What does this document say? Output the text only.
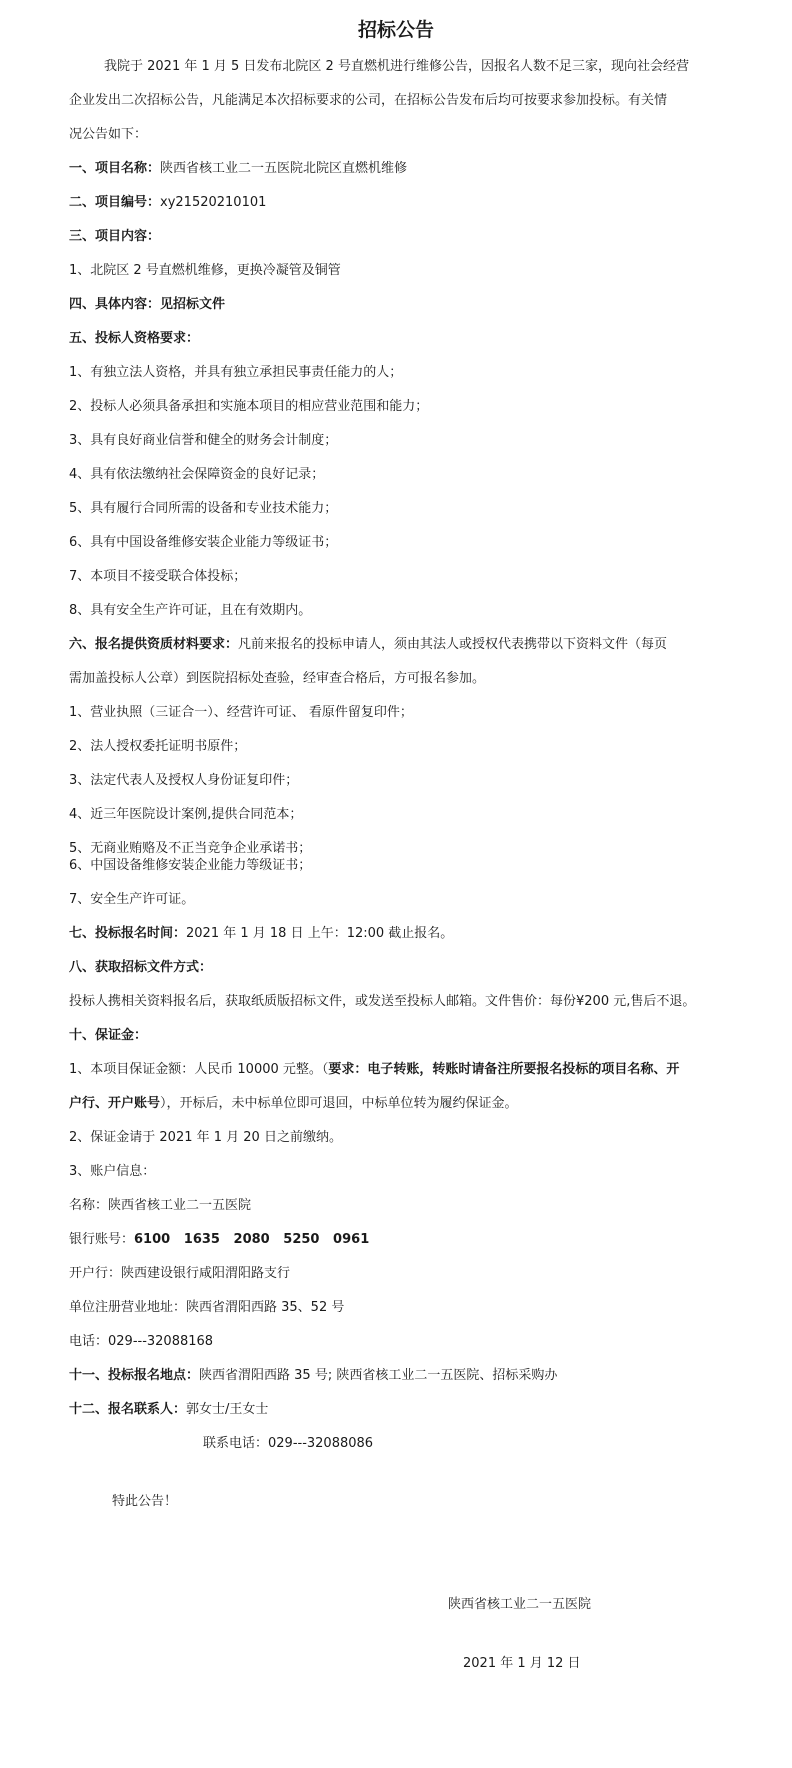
招标公告
我院于 2021 年 1 月 5 日发布北院区 2 号直燃机进行维修公告，因报名人数不足三家，现向社会经营
企业发出二次招标公告，凡能满足本次招标要求的公司，在招标公告发布后均可按要求参加投标。有关情
况公告如下：
一、项目名称：陕西省核工业二一五医院北院区直燃机维修
二、项目编号：xy21520210101
三、项目内容：
1、北院区 2 号直燃机维修，更换冷凝管及铜管
四、具体内容：见招标文件
五、投标人资格要求：
1、有独立法人资格，并具有独立承担民事责任能力的人；
2、投标人必须具备承担和实施本项目的相应营业范围和能力；
3、具有良好商业信誉和健全的财务会计制度；
4、具有依法缴纳社会保障资金的良好记录；
5、具有履行合同所需的设备和专业技术能力；
6、具有中国设备维修安装企业能力等级证书；
7、本项目不接受联合体投标；
8、具有安全生产许可证，且在有效期内。
六、报名提供资质材料要求：凡前来报名的投标申请人，须由其法人或授权代表携带以下资料文件（每页
需加盖投标人公章）到医院招标处查验，经审查合格后，方可报名参加。
1、营业执照（三证合一）、经营许可证、 看原件留复印件；
2、法人授权委托证明书原件；
3、法定代表人及授权人身份证复印件；
4、近三年医院设计案例,提供合同范本；
5、无商业贿赂及不正当竞争企业承诺书；
6、中国设备维修安装企业能力等级证书；
7、安全生产许可证。
七、投标报名时间：2021 年 1 月 18 日 上午：12:00 截止报名。
八、获取招标文件方式：
投标人携相关资料报名后，获取纸质版招标文件，或发送至投标人邮箱。文件售价：每份¥200 元,售后不退。
十、保证金：
1、本项目保证金额：人民币 10000 元整。（要求：电子转账，转账时请备注所要报名投标的项目名称、开
户行、开户账号），开标后，未中标单位即可退回，中标单位转为履约保证金。
2、保证金请于 2021 年 1 月 20 日之前缴纳。
3、账户信息：
名称：陕西省核工业二一五医院
银行账号：6100   1635   2080   5250   0961
开户行：陕西建设银行咸阳渭阳路支行
单位注册营业地址：陕西省渭阳西路 35、52 号
电话：029---32088168
十一、投标报名地点：陕西省渭阳西路 35 号; 陕西省核工业二一五医院、招标采购办
十二、报名联系人：郭女士/王女士
联系电话：029---32088086
特此公告！
陕西省核工业二一五医院
2021 年 1 月 12 日
